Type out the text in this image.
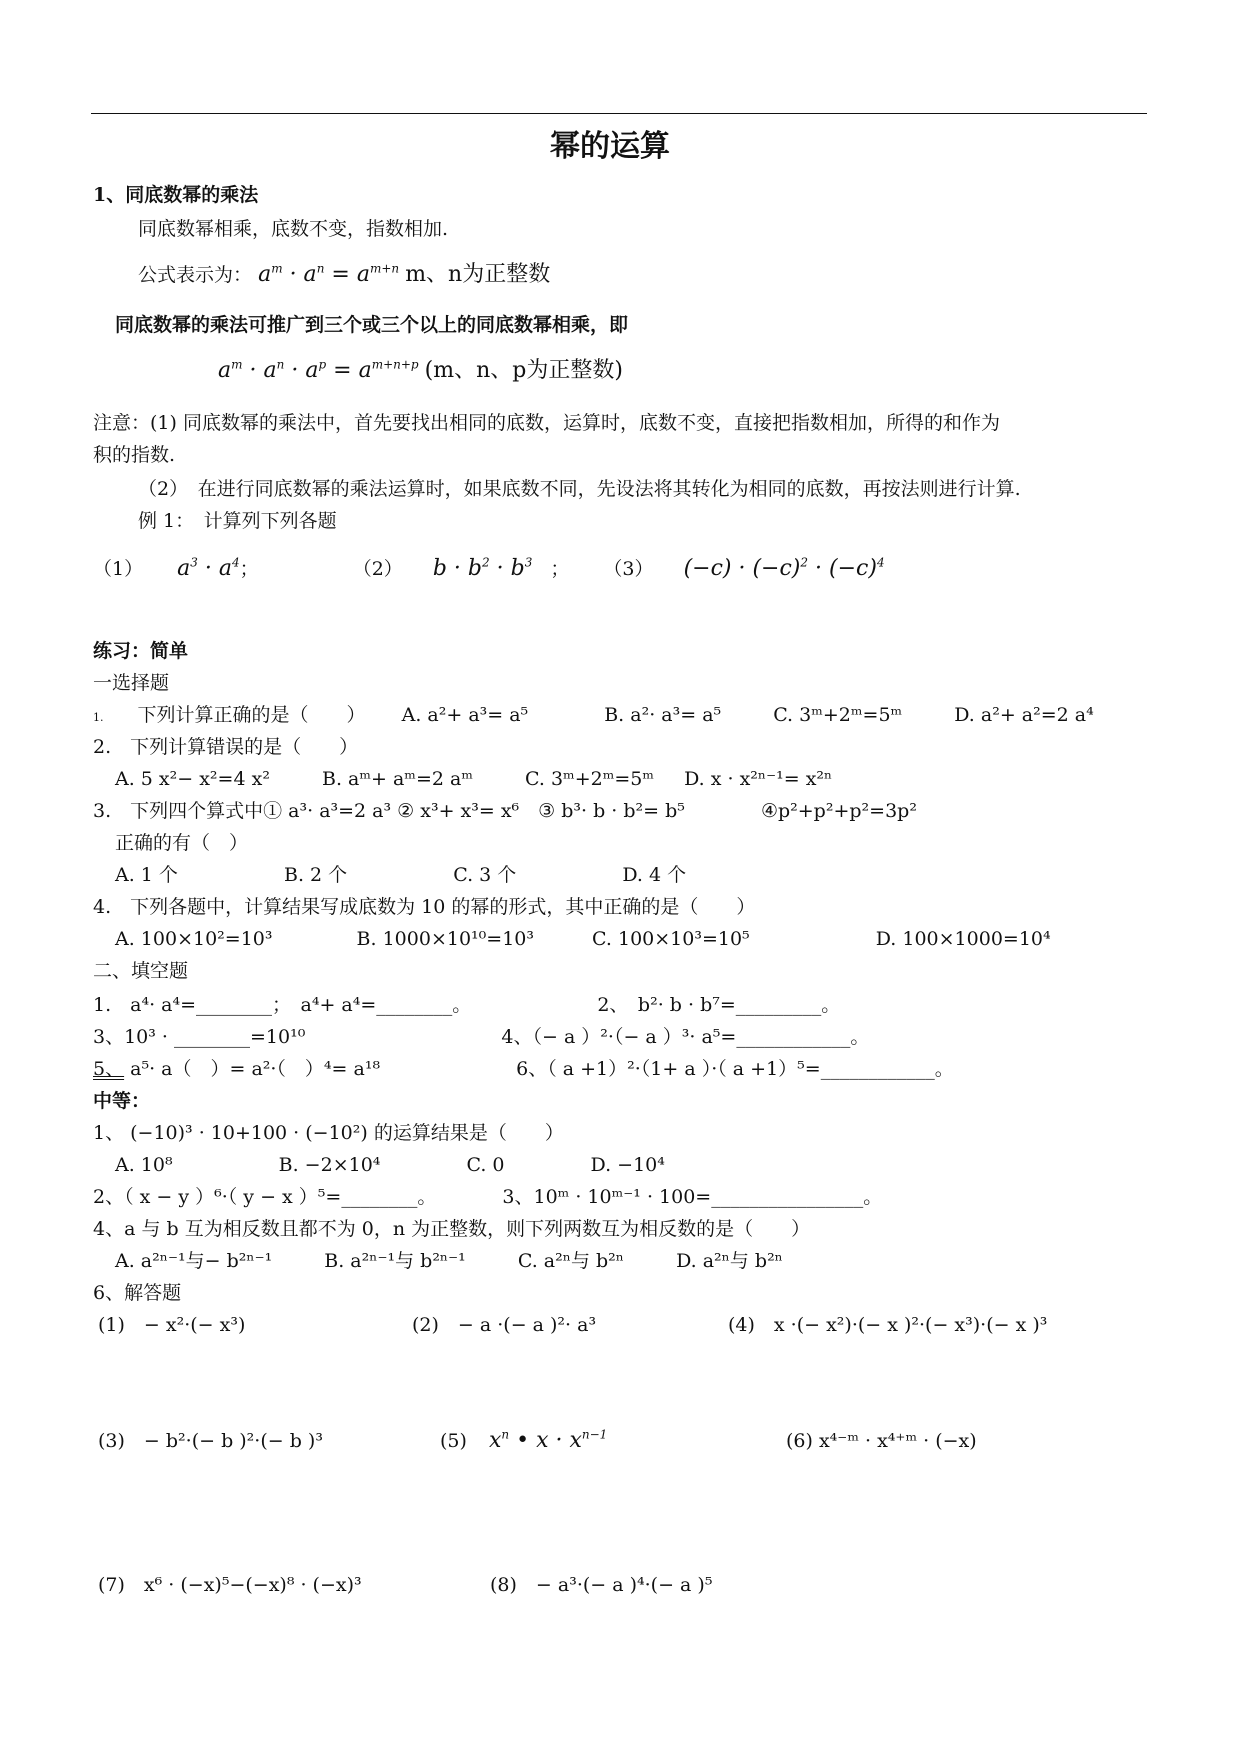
幂的运算
1、同底数幂的乘法
同底数幂相乘，底数不变，指数相加.
公式表示为： $a^m \cdot a^n = a^{m+n}$ m、n为正整数
同底数幂的乘法可推广到三个或三个以上的同底数幂相乘，即
$a^m \cdot a^n \cdot a^p = a^{m+n+p}$ (m、n、p为正整数)
注意：(1) 同底数幂的乘法中，首先要找出相同的底数，运算时，底数不变，直接把指数相加，所得的和作为
积的指数.
（2）　在进行同底数幂的乘法运算时，如果底数不同，先设法将其转化为相同的底数，再按法则进行计算.
例 1：　计算列下列各题
（1） $a^3 \cdot a^4$；	（2） $b \cdot b^2 \cdot b^3$ ； （3） $(-c) \cdot (-c)^2 \cdot (-c)^4$
练习：简单
一选择题
1. 下列计算正确的是（　　） A. a²+ a³= a⁵	B. a²· a³= a⁵	C. 3ᵐ+2ᵐ=5ᵐ	D. a²+ a²=2 a⁴
2.　下列计算错误的是（　　）
A. 5 x²− x²=4 x²	B. aᵐ+ aᵐ=2 aᵐ	C. 3ᵐ+2ᵐ=5ᵐ D. x · x²ⁿ⁻¹= x²ⁿ
3.　下列四个算式中① a³· a³=2 a³ ② x³+ x³= x⁶　③ b³· b · b²= b⁵	④p²+p²+p²=3p²
正确的有（　）
A. 1 个	B. 2 个	C. 3 个	D. 4 个
4.　下列各题中，计算结果写成底数为 10 的幂的形式，其中正确的是（　　）
A. 100×10²=10³	B. 1000×10¹⁰=10³	C. 100×10³=10⁵	D. 100×1000=10⁴
二、填空题
1.　a⁴· a⁴=________；　a⁴+ a⁴=________。	2、　b²· b · b⁷=_________。
3、10³ · ________=10¹⁰	4、（− a ）²·（− a ）³· a⁵=____________。
5、 a⁵· a（　）= a²·（　）⁴= a¹⁸	6、（ a +1）²·（1+ a ）·（ a +1）⁵=____________。
中等：
1、 (−10)³ · 10+100 · (−10²) 的运算结果是（　　）
A. 10⁸	B. −2×10⁴	C. 0	D. −10⁴
2、（ x − y ）⁶·（ y − x ）⁵=________。	3、10ᵐ · 10ᵐ⁻¹ · 100=________________。
4、a 与 b 互为相反数且都不为 0，n 为正整数，则下列两数互为相反数的是（　　）
A. a²ⁿ⁻¹与− b²ⁿ⁻¹	B. a²ⁿ⁻¹与 b²ⁿ⁻¹	C. a²ⁿ与 b²ⁿ	D. a²ⁿ与 b²ⁿ
6、解答题
(1)　− x²·(− x³)	(2)　− a ·(− a )²· a³	(4)　x ·(− x²)·(− x )²·(− x³)·(− x )³
(3)　− b²·(− b )²·(− b )³	(5) $x^n$ • $x \cdot x^{n-1}$	(6) x⁴⁻ᵐ · x⁴⁺ᵐ · (−x)
(7)　x⁶ · (−x)⁵−(−x)⁸ · (−x)³	(8)　− a³·(− a )⁴·(− a )⁵
